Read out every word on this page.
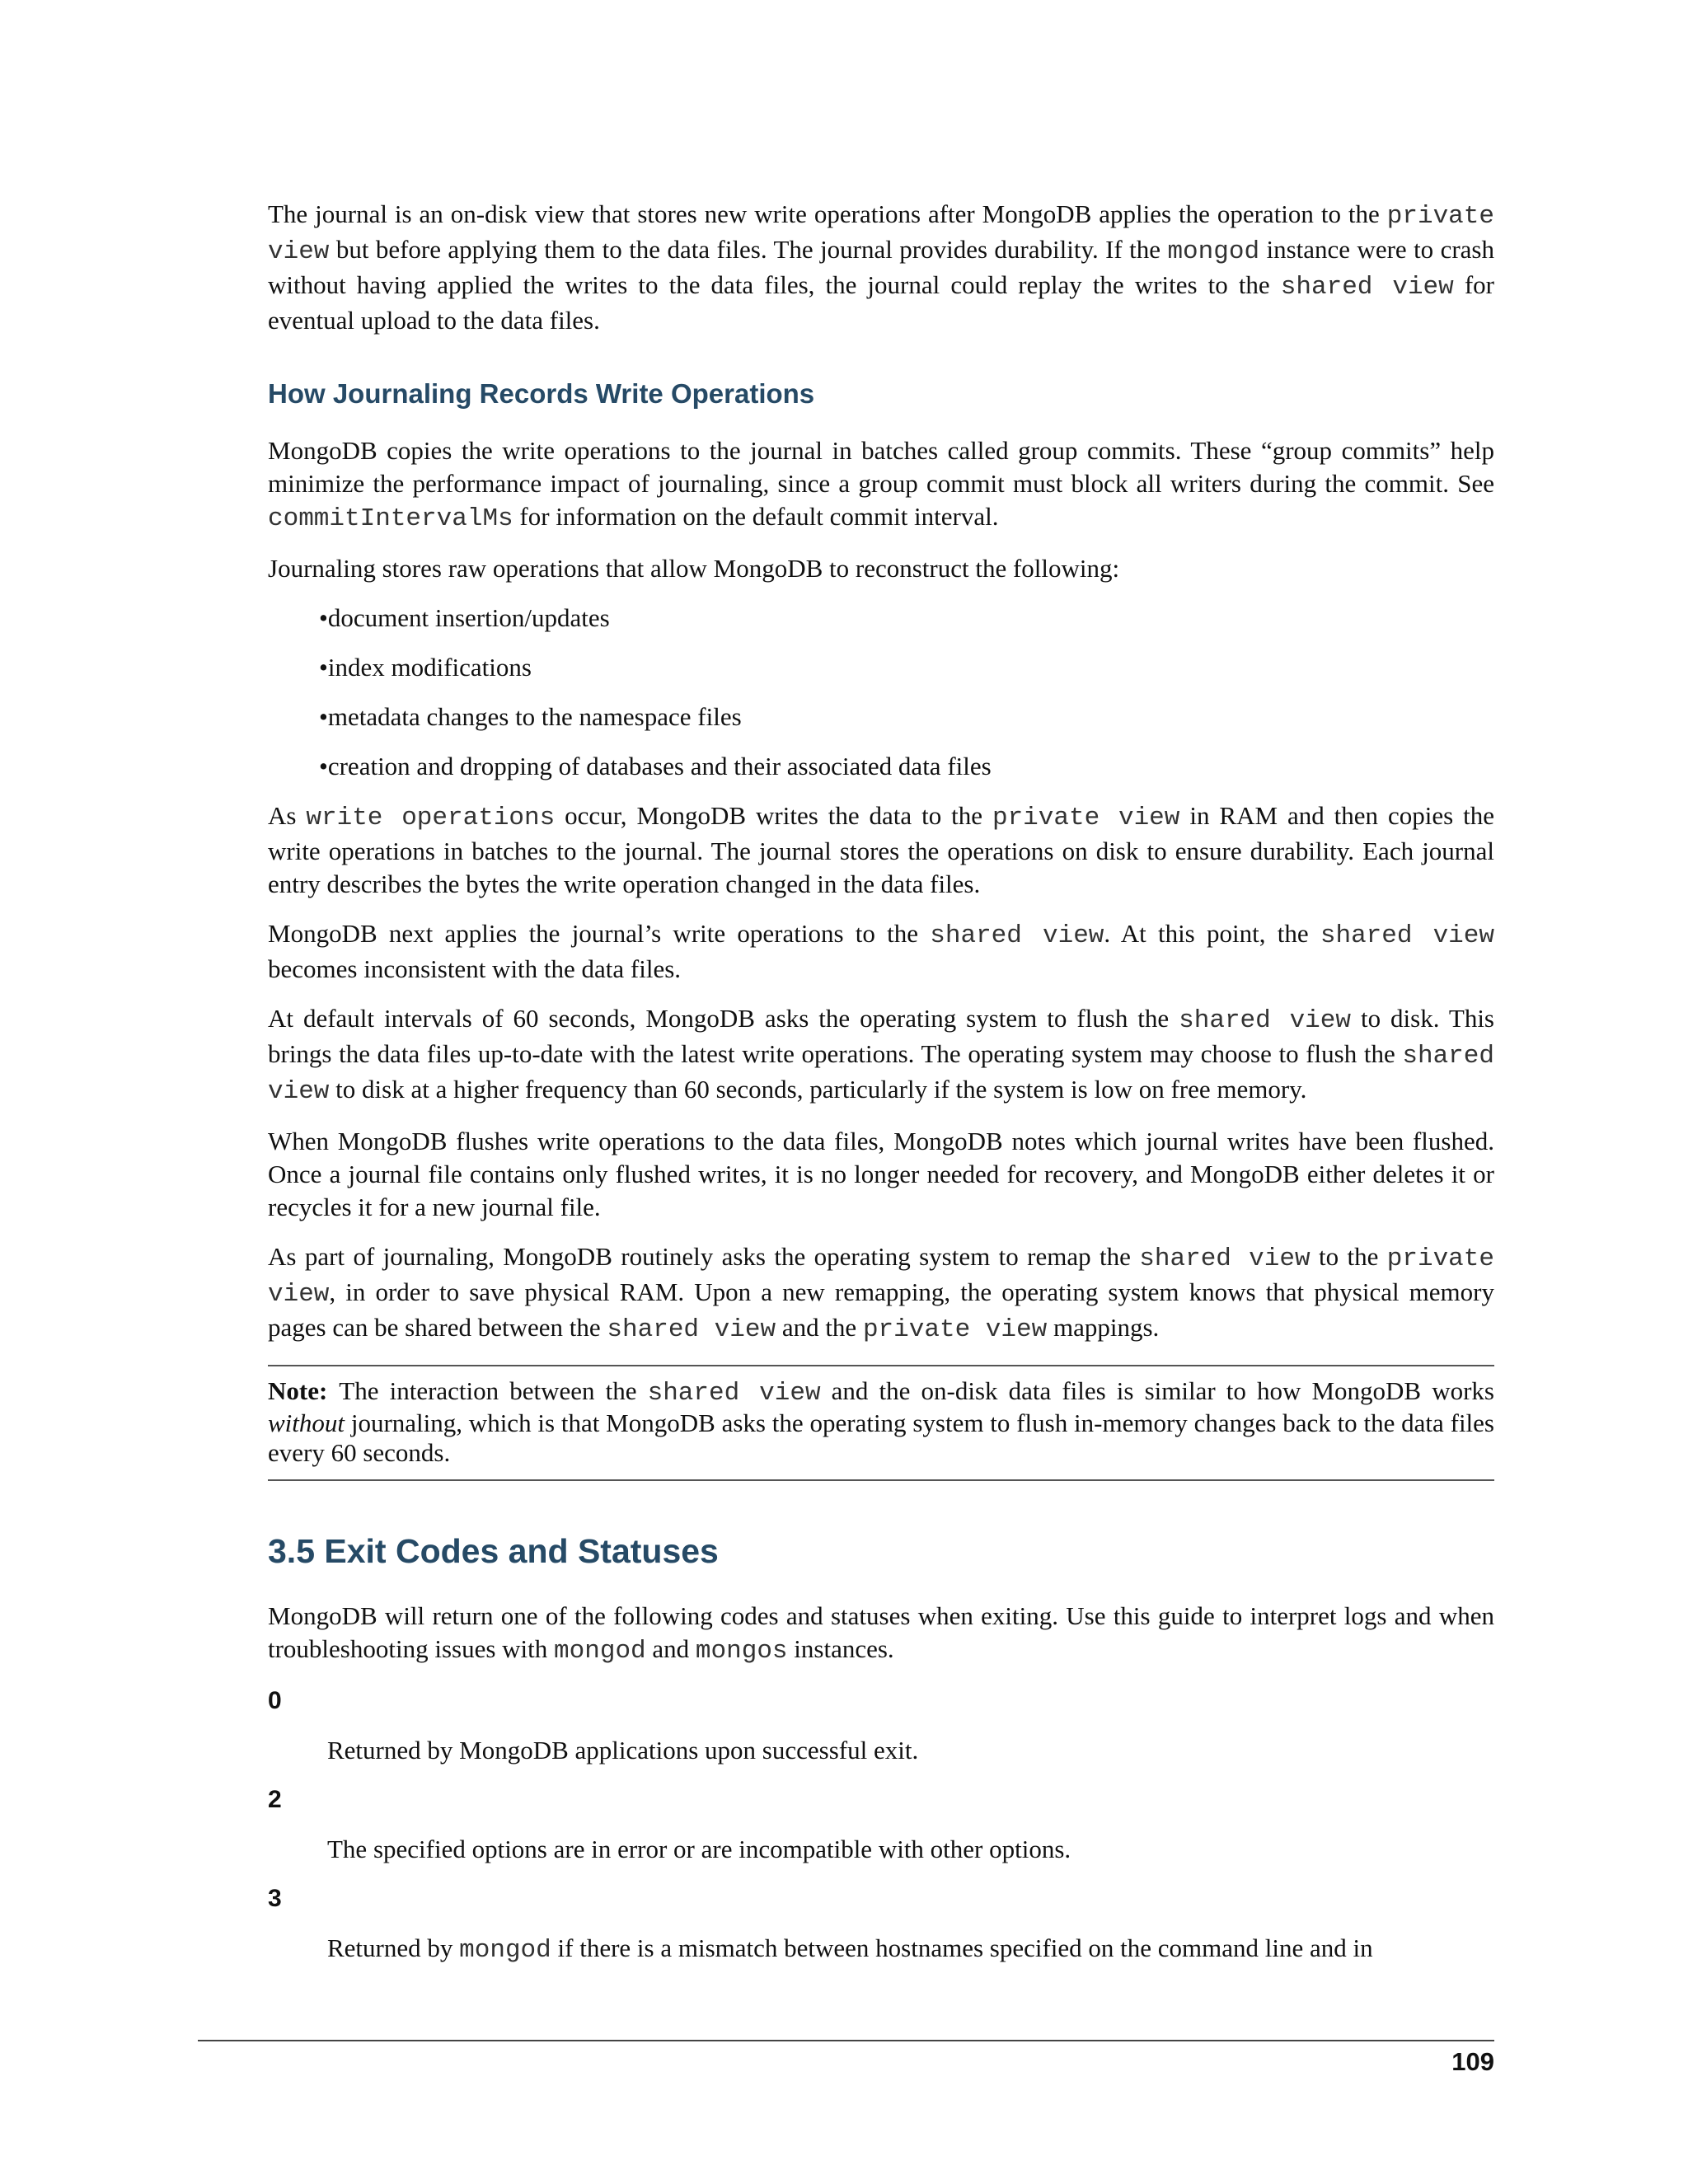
The journal is an on-disk view that stores new write operations after MongoDB applies the operation to the private view but before applying them to the data files. The journal provides durability. If the mongod instance were to crash without having applied the writes to the data files, the journal could replay the writes to the shared view for eventual upload to the data files.

How Journaling Records Write Operations

MongoDB copies the write operations to the journal in batches called group commits. These “group commits” help minimize the performance impact of journaling, since a group commit must block all writers during the commit. See commitIntervalMs for information on the default commit interval.

Journaling stores raw operations that allow MongoDB to reconstruct the following:

•document insertion/updates
•index modifications
•metadata changes to the namespace files
•creation and dropping of databases and their associated data files

As write operations occur, MongoDB writes the data to the private view in RAM and then copies the write operations in batches to the journal. The journal stores the operations on disk to ensure durability. Each journal entry describes the bytes the write operation changed in the data files.

MongoDB next applies the journal’s write operations to the shared view. At this point, the shared view becomes inconsistent with the data files.

At default intervals of 60 seconds, MongoDB asks the operating system to flush the shared view to disk. This brings the data files up-to-date with the latest write operations. The operating system may choose to flush the shared view to disk at a higher frequency than 60 seconds, particularly if the system is low on free memory.

When MongoDB flushes write operations to the data files, MongoDB notes which journal writes have been flushed. Once a journal file contains only flushed writes, it is no longer needed for recovery, and MongoDB either deletes it or recycles it for a new journal file.

As part of journaling, MongoDB routinely asks the operating system to remap the shared view to the private view, in order to save physical RAM. Upon a new remapping, the operating system knows that physical memory pages can be shared between the shared view and the private view mappings.

Note: The interaction between the shared view and the on-disk data files is similar to how MongoDB works without journaling, which is that MongoDB asks the operating system to flush in-memory changes back to the data files every 60 seconds.

3.5 Exit Codes and Statuses

MongoDB will return one of the following codes and statuses when exiting. Use this guide to interpret logs and when troubleshooting issues with mongod and mongos instances.

0
Returned by MongoDB applications upon successful exit.
2
The specified options are in error or are incompatible with other options.
3
Returned by mongod if there is a mismatch between hostnames specified on the command line and in
109
